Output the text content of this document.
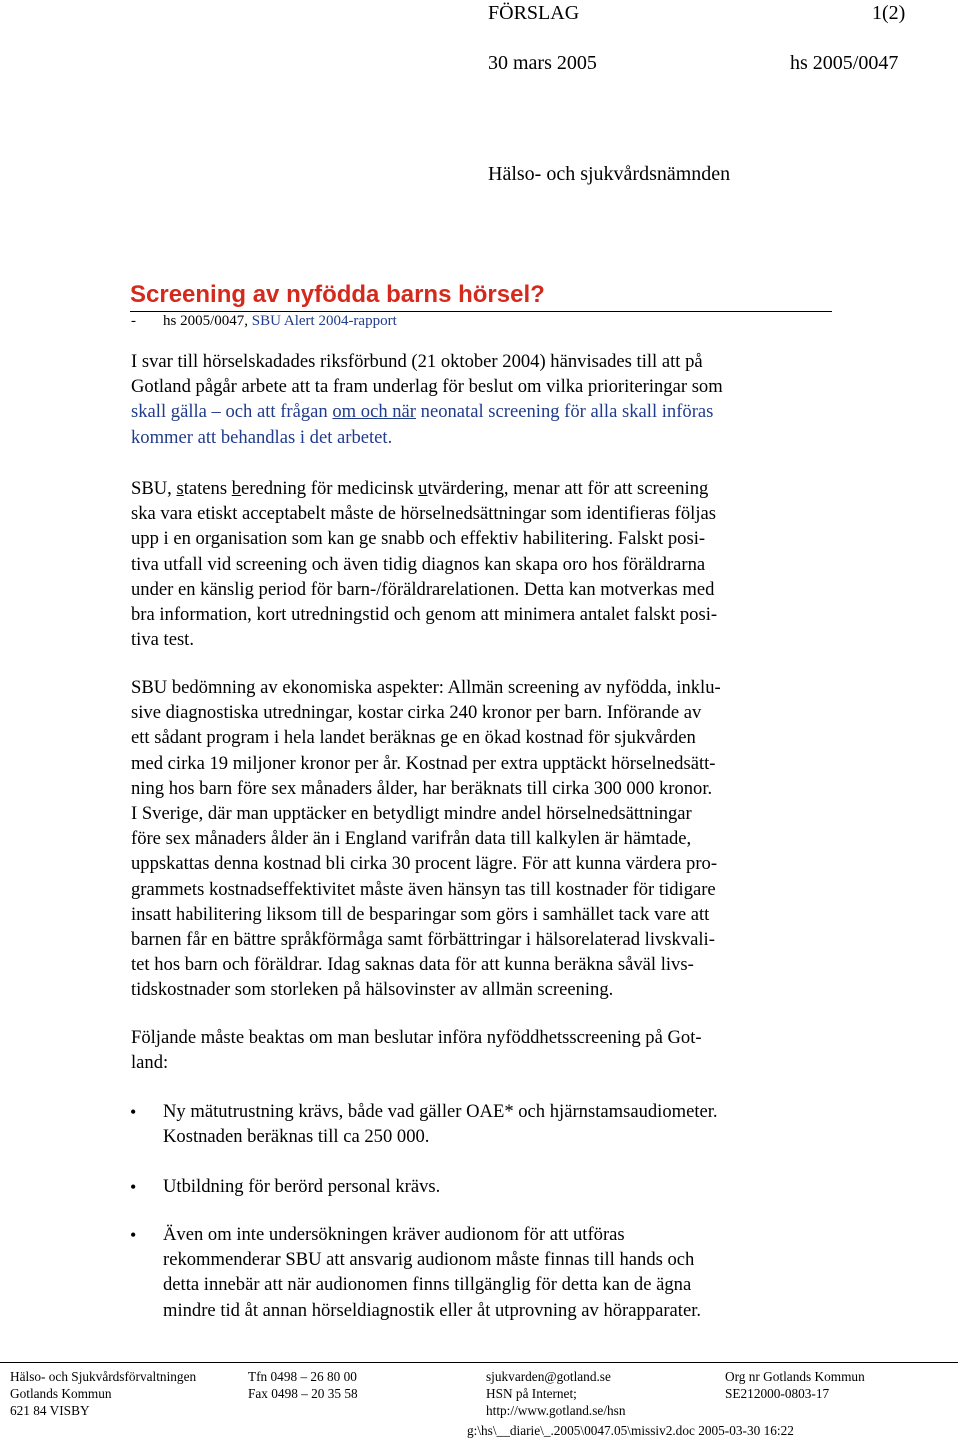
FÖRSLAG	1(2)
30 mars 2005	hs 2005/0047
Hälso- och sjukvårdsnämnden
Screening av nyfödda barns hörsel?
- hs 2005/0047, SBU Alert 2004-rapport
I svar till hörselskadades riksförbund (21 oktober 2004) hänvisades till att på
Gotland pågår arbete att ta fram underlag för beslut om vilka prioriteringar som
skall gälla – och att frågan om och när neonatal screening för alla skall införas
kommer att behandlas i det arbetet.
SBU, statens beredning för medicinsk utvärdering, menar att för att screening
ska vara etiskt acceptabelt måste de hörselnedsättningar som identifieras följas
upp i en organisation som kan ge snabb och effektiv habilitering. Falskt posi-
tiva utfall vid screening och även tidig diagnos kan skapa oro hos föräldrarna
under en känslig period för barn-/föräldrarelationen. Detta kan motverkas med
bra information, kort utredningstid och genom att minimera antalet falskt posi-
tiva test.
SBU bedömning av ekonomiska aspekter: Allmän screening av nyfödda, inklu-
sive diagnostiska utredningar, kostar cirka 240 kronor per barn. Införande av
ett sådant program i hela landet beräknas ge en ökad kostnad för sjukvården
med cirka 19 miljoner kronor per år. Kostnad per extra upptäckt hörselnedsätt-
ning hos barn före sex månaders ålder, har beräknats till cirka 300 000 kronor.
I Sverige, där man upptäcker en betydligt mindre andel hörselnedsättningar
före sex månaders ålder än i England varifrån data till kalkylen är hämtade,
uppskattas denna kostnad bli cirka 30 procent lägre. För att kunna värdera pro-
grammets kostnadseffektivitet måste även hänsyn tas till kostnader för tidigare
insatt habilitering liksom till de besparingar som görs i samhället tack vare att
barnen får en bättre språkförmåga samt förbättringar i hälsorelaterad livskvali-
tet hos barn och föräldrar. Idag saknas data för att kunna beräkna såväl livs-
tidskostnader som storleken på hälsovinster av allmän screening.
Följande måste beaktas om man beslutar införa nyföddhetsscreening på Got-
land:
• Ny mätutrustning krävs, både vad gäller OAE* och hjärnstamsaudiometer.
Kostnaden beräknas till ca 250 000.
• Utbildning för berörd personal krävs.
• Även om inte undersökningen kräver audionom för att utföras
rekommenderar SBU att ansvarig audionom måste finnas till hands och
detta innebär att när audionomen finns tillgänglig för detta kan de ägna
mindre tid åt annan hörseldiagnostik eller åt utprovning av hörapparater.
Hälso- och Sjukvårdsförvaltningen
Gotlands Kommun
621 84 VISBY
Tfn 0498 – 26 80 00
Fax 0498 – 20 35 58
sjukvarden@gotland.se
HSN på Internet;
http://www.gotland.se/hsn
Org nr Gotlands Kommun
SE212000-0803-17
g:\hs\__diarie\_.2005\0047.05\missiv2.doc 2005-03-30 16:22
